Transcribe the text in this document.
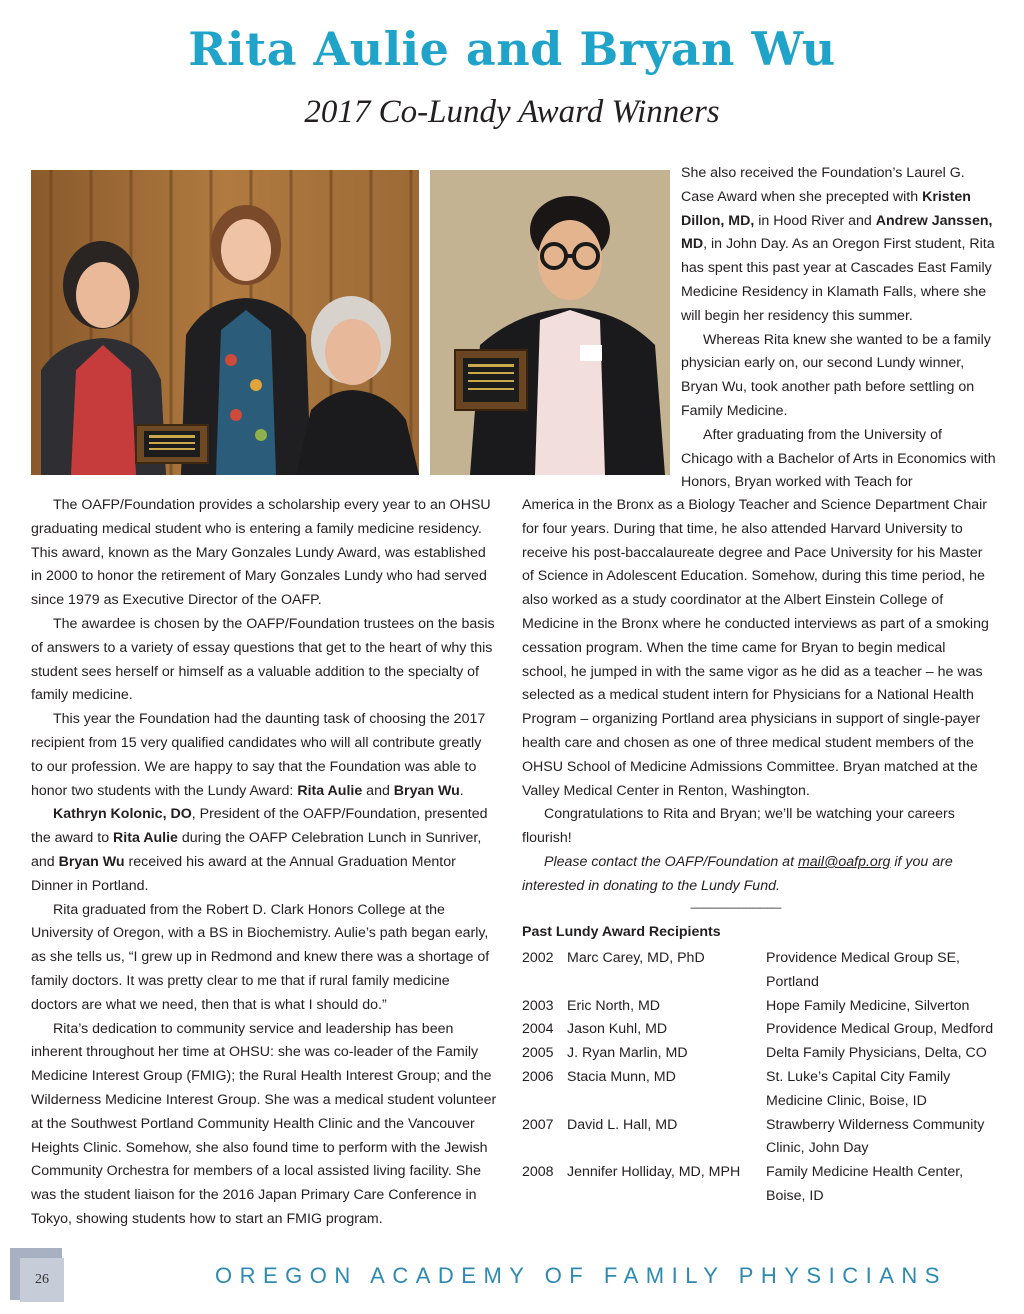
Rita Aulie and Bryan Wu
2017 Co-Lundy Award Winners

She also received the Foundation’s Laurel G. Case Award when she precepted with Kristen Dillon, MD, in Hood River and Andrew Janssen, MD, in John Day. As an Oregon First student, Rita has spent this past year at Cascades East Family Medicine Residency in Klamath Falls, where she will begin her residency this summer.

Whereas Rita knew she wanted to be a family physician early on, our second Lundy winner, Bryan Wu, took another path before settling on Family Medicine.

After graduating from the University of Chicago with a Bachelor of Arts in Economics with Honors, Bryan worked with Teach for

The OAFP/Foundation provides a scholarship every year to an OHSU graduating medical student who is entering a family medicine residency. This award, known as the Mary Gonzales Lundy Award, was established in 2000 to honor the retirement of Mary Gonzales Lundy who had served since 1979 as Executive Director of the OAFP.

The awardee is chosen by the OAFP/Foundation trustees on the basis of answers to a variety of essay questions that get to the heart of why this student sees herself or himself as a valuable addition to the specialty of family medicine.

This year the Foundation had the daunting task of choosing the 2017 recipient from 15 very qualified candidates who will all contribute greatly to our profession. We are happy to say that the Foundation was able to honor two students with the Lundy Award: Rita Aulie and Bryan Wu.

Kathryn Kolonic, DO, President of the OAFP/Foundation, presented the award to Rita Aulie during the OAFP Celebration Lunch in Sunriver, and Bryan Wu received his award at the Annual Graduation Mentor Dinner in Portland.

Rita graduated from the Robert D. Clark Honors College at the University of Oregon, with a BS in Biochemistry. Aulie’s path began early, as she tells us, “I grew up in Redmond and knew there was a shortage of family doctors. It was pretty clear to me that if rural family medicine doctors are what we need, then that is what I should do.”

Rita’s dedication to community service and leadership has been inherent throughout her time at OHSU: she was co-leader of the Family Medicine Interest Group (FMIG); the Rural Health Interest Group; and the Wilderness Medicine Interest Group. She was a medical student volunteer at the Southwest Portland Community Health Clinic and the Vancouver Heights Clinic. Somehow, she also found time to perform with the Jewish Community Orchestra for members of a local assisted living facility. She was the student liaison for the 2016 Japan Primary Care Conference in Tokyo, showing students how to start an FMIG program.

America in the Bronx as a Biology Teacher and Science Department Chair for four years. During that time, he also attended Harvard University to receive his post-baccalaureate degree and Pace University for his Master of Science in Adolescent Education. Somehow, during this time period, he also worked as a study coordinator at the Albert Einstein College of Medicine in the Bronx where he conducted interviews as part of a smoking cessation program. When the time came for Bryan to begin medical school, he jumped in with the same vigor as he did as a teacher – he was selected as a medical student intern for Physicians for a National Health Program – organizing Portland area physicians in support of single-payer health care and chosen as one of three medical student members of the OHSU School of Medicine Admissions Committee. Bryan matched at the Valley Medical Center in Renton, Washington.

Congratulations to Rita and Bryan; we’ll be watching your careers flourish!

Please contact the OAFP/Foundation at mail@oafp.org if you are interested in donating to the Lundy Fund.

---------------------------------------
Past Lundy Award Recipients
2002 Marc Carey, MD, PhD	Providence Medical Group SE, Portland
2003 Eric North, MD	Hope Family Medicine, Silverton
2004 Jason Kuhl, MD	Providence Medical Group, Medford
2005 J. Ryan Marlin, MD	Delta Family Physicians, Delta, CO
2006 Stacia Munn, MD	St. Luke’s Capital City Family Medicine Clinic, Boise, ID
2007 David L. Hall, MD	Strawberry Wilderness Community Clinic, John Day
2008 Jennifer Holliday, MD, MPH	Family Medicine Health Center, Boise, ID
26	OREGON ACADEMY OF FAMILY PHYSICIANS
